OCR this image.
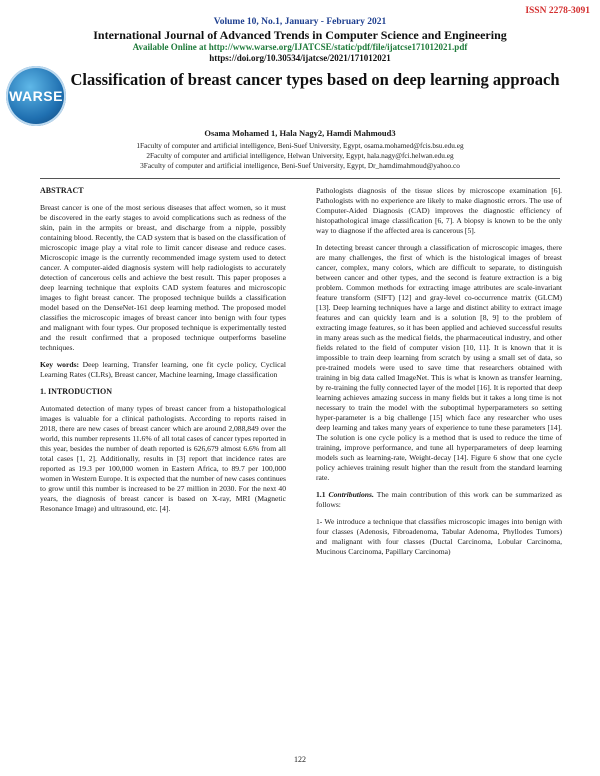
ISSN 2278-3091
Volume 10, No.1, January - February 2021
International Journal of Advanced Trends in Computer Science and Engineering
Available Online at http://www.warse.org/IJATCSE/static/pdf/file/ijatcse171012021.pdf
https://doi.org/10.30534/ijatcse/2021/171012021
WARSE
Classification of breast cancer types based on deep learning approach
Osama Mohamed 1, Hala Nagy2, Hamdi Mahmoud3
1Faculty of computer and artificial intelligence, Beni-Suef University, Egypt, osama.mohamed@fcis.bsu.edu.eg
2Faculty of computer and artificial intelligence, Helwan University, Egypt, hala.nagy@fci.helwan.edu.eg
3Faculty of computer and artificial intelligence, Beni-Suef University, Egypt, Dr_hamdimahmoud@yahoo.co
ABSTRACT

Breast cancer is one of the most serious diseases that affect women, so it must be discovered in the early stages to avoid complications such as redness of the skin, pain in the armpits or breast, and discharge from a nipple, possibly containing blood. Recently, the CAD system that is based on the classification of microscopic image play a vital role to limit cancer disease and reduce cases. Microscopic image is the currently recommended image system used to detect cancer. A computer-aided diagnosis system will help radiologists to accurately detection of cancerous cells and achieve the best result. This paper proposes a deep learning technique that exploits CAD system features and microscopic images to fight breast cancer. The proposed technique builds a classification model based on the DenseNet-161 deep learning method. The proposed model classifies the microscopic images of breast cancer into benign with four types and malignant with four types. Our proposed technique is experimentally tested and the result confirmed that a proposed technique outperforms baseline techniques.

Key words: Deep learning, Transfer learning, one fit cycle policy, Cyclical Learning Rates (CLRs), Breast cancer, Machine learning, Image classification

1. INTRODUCTION

Automated detection of many types of breast cancer from a histopathological images is valuable for a clinical pathologists. According to reports raised in 2018, there are new cases of breast cancer which are around 2,088,849 over the world, this number represents 11.6% of all total cases of cancer types reported in this year, besides the number of death reported is 626,679 almost 6.6% from all total cases [1, 2]. Additionally, results in [3] report that incidence rates are reported as 19.3 per 100,000 women in Eastern Africa, to 89.7 per 100,000 women in Western Europe. It is expected that the number of new cases continues to grow until this number is increased to be 27 million in 2030. For the next 40 years, the diagnosis of breast cancer is based on X-ray, MRI (Magnetic Resonance Image) and ultrasound, etc. [4].

Pathologists diagnosis of the tissue slices by microscope examination [6]. Pathologists with no experience are likely to make diagnostic errors. The use of Computer-Aided Diagnosis (CAD) improves the diagnostic efficiency of histopathological image classification [6, 7]. A biopsy is known to be the only way to diagnose if the affected area is cancerous [5].

In detecting breast cancer through a classification of microscopic images, there are many challenges, the first of which is the histological images of breast cancer, complex, many colors, which are difficult to separate, to distinguish between cancer and other types, and the second is feature extraction is a big problem. Common methods for extracting image attributes are scale-invariant feature transform (SIFT) [12] and gray-level co-occurrence matrix (GLCM) [13]. Deep learning techniques have a large and distinct ability to extract image features and can quickly learn and is a solution [8, 9] to the problem of extracting image features, so it has been applied and achieved successful results in many areas such as the medical fields, the pharmaceutical industry, and other fields related to the field of computer vision [10, 11]. It is known that it is impossible to train deep learning from scratch by using a small set of data, so pre-trained models were used to save time that researchers obtained with training in big data called ImageNet. This is what is known as transfer learning, by re-training the fully connected layer of the model [16]. It is reported that deep learning achieves amazing success in many fields but it takes a long time is not necessary to train the model with the suboptimal hyperparameters so setting hyper-parameter is a big challenge [15] which face any researcher who uses deep learning and takes many years of experience to tune these parameters [14]. The solution is one cycle policy is a method that is used to reduce the time of training, improve performance, and tune all hyperparameters of deep learning models such as learning-rate, Weight-decay [14]. Figure 6 show that one cycle policy achieves training result higher than the result from the standard learning rate.

1.1 Contributions. The main contribution of this work can be summarized as follows:

1- We introduce a technique that classifies microscopic images into benign with four classes (Adenosis, Fibroadenoma, Tabular Adenoma, Phyllodes Tumors) and malignant with four classes (Ductal Carcinoma, Lobular Carcinoma, Mucinous Carcinoma, Papillary Carcinoma)

122
